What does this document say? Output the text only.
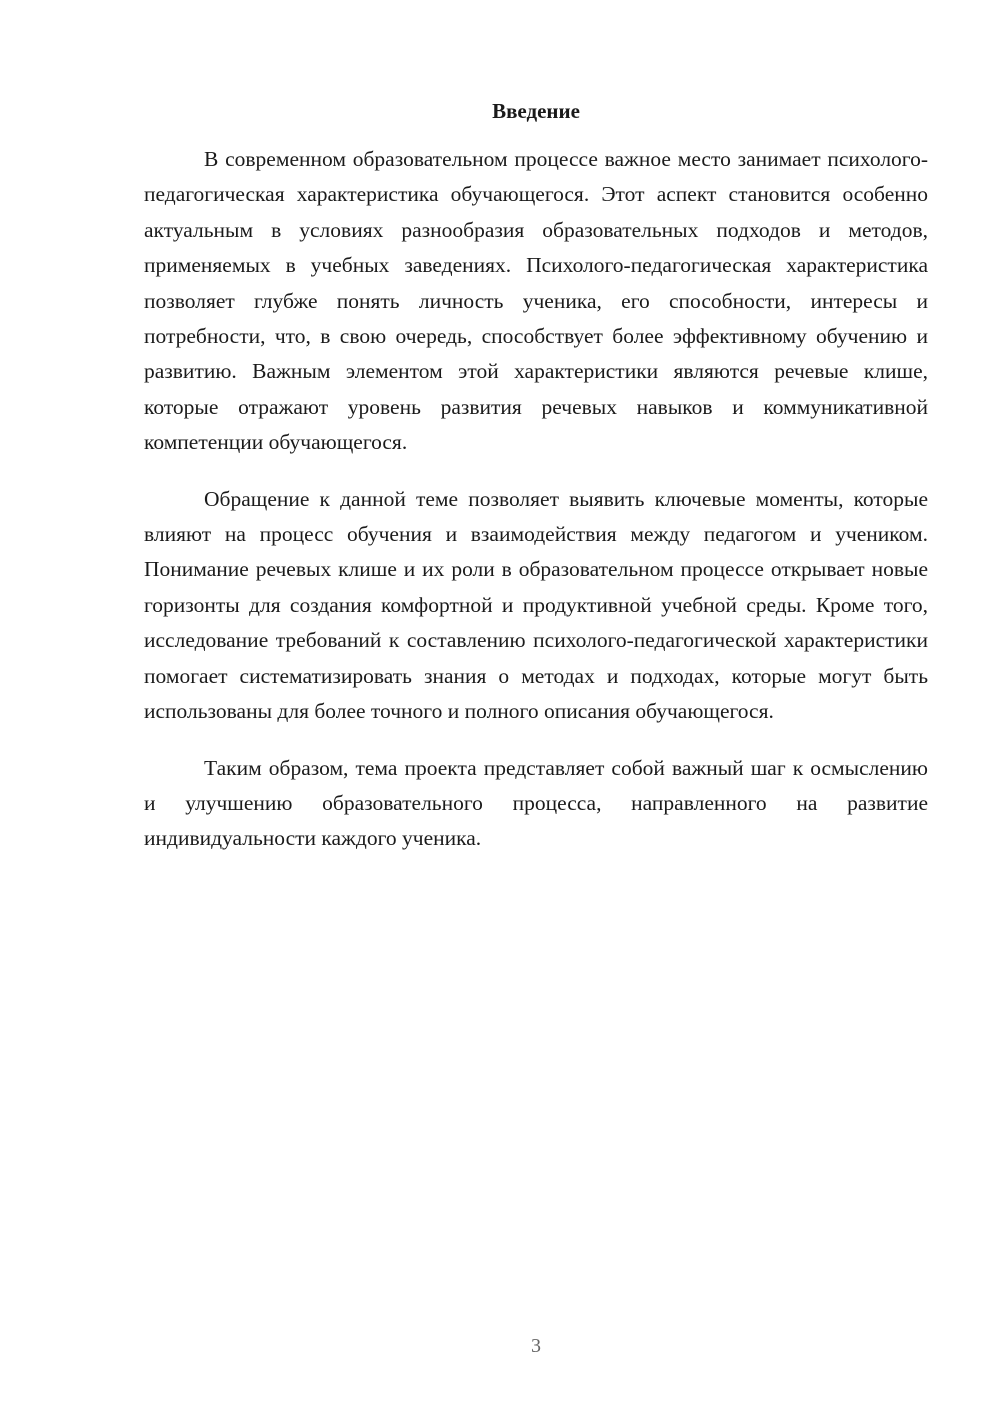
Введение

В современном образовательном процессе важное место занимает психолого-педагогическая характеристика обучающегося. Этот аспект становится особенно актуальным в условиях разнообразия образовательных подходов и методов, применяемых в учебных заведениях. Психолого-педагогическая характеристика позволяет глубже понять личность ученика, его способности, интересы и потребности, что, в свою очередь, способствует более эффективному обучению и развитию. Важным элементом этой характеристики являются речевые клише, которые отражают уровень развития речевых навыков и коммуникативной компетенции обучающегося.

Обращение к данной теме позволяет выявить ключевые моменты, которые влияют на процесс обучения и взаимодействия между педагогом и учеником. Понимание речевых клише и их роли в образовательном процессе открывает новые горизонты для создания комфортной и продуктивной учебной среды. Кроме того, исследование требований к составлению психолого-педагогической характеристики помогает систематизировать знания о методах и подходах, которые могут быть использованы для более точного и полного описания обучающегося.

Таким образом, тема проекта представляет собой важный шаг к осмыслению и улучшению образовательного процесса, направленного на развитие индивидуальности каждого ученика.

3
